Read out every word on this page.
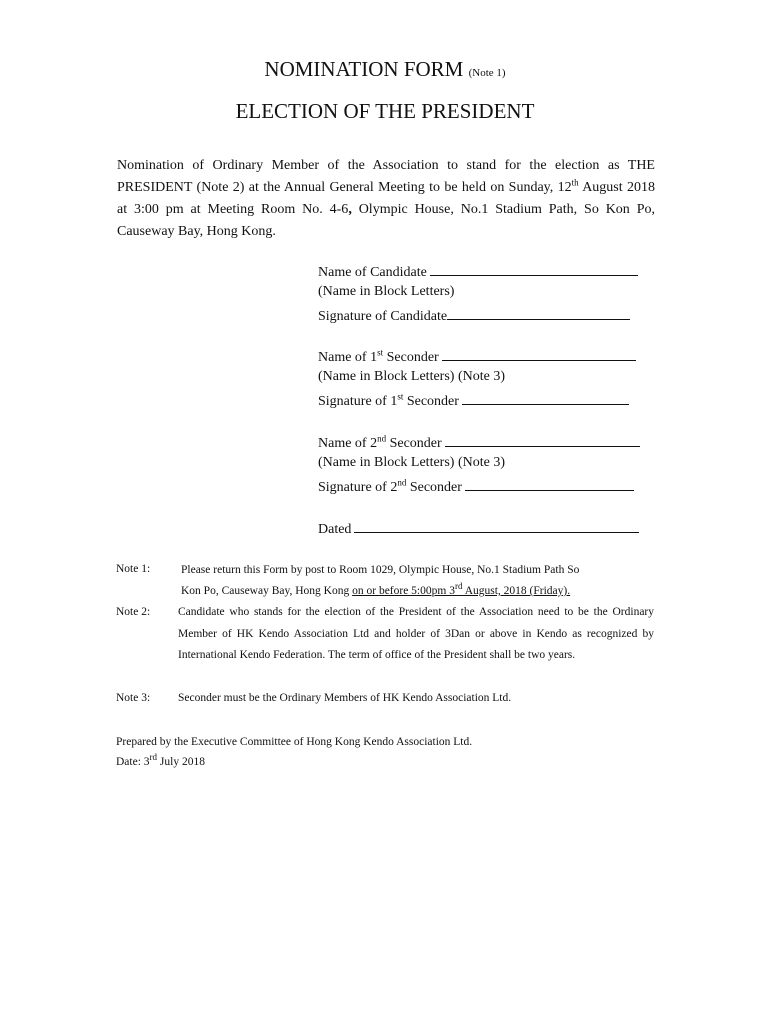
NOMINATION FORM (Note 1)
ELECTION OF THE PRESIDENT
Nomination of Ordinary Member of the Association to stand for the election as THE PRESIDENT (Note 2) at the Annual General Meeting to be held on Sunday, 12th August 2018 at 3:00 pm at Meeting Room No. 4-6, Olympic House, No.1 Stadium Path, So Kon Po, Causeway Bay, Hong Kong.
Name of Candidate
(Name in Block Letters)
Signature of Candidate
Name of 1st Seconder
(Name in Block Letters) (Note 3)
Signature of 1st Seconder
Name of 2nd Seconder
(Name in Block Letters) (Note 3)
Signature of 2nd Seconder
Dated
Note 1:	Please return this Form by post to Room 1029, Olympic House, No.1 Stadium Path So
Kon Po, Causeway Bay, Hong Kong on or before 5:00pm 3rd August, 2018 (Friday).
Note 2: Candidate who stands for the election of the President of the Association need to be the Ordinary Member of HK Kendo Association Ltd and holder of 3Dan or above in Kendo as recognized by International Kendo Federation. The term of office of the President shall be two years.
Note 3: Seconder must be the Ordinary Members of HK Kendo Association Ltd.
Prepared by the Executive Committee of Hong Kong Kendo Association Ltd.
Date: 3rd July 2018
